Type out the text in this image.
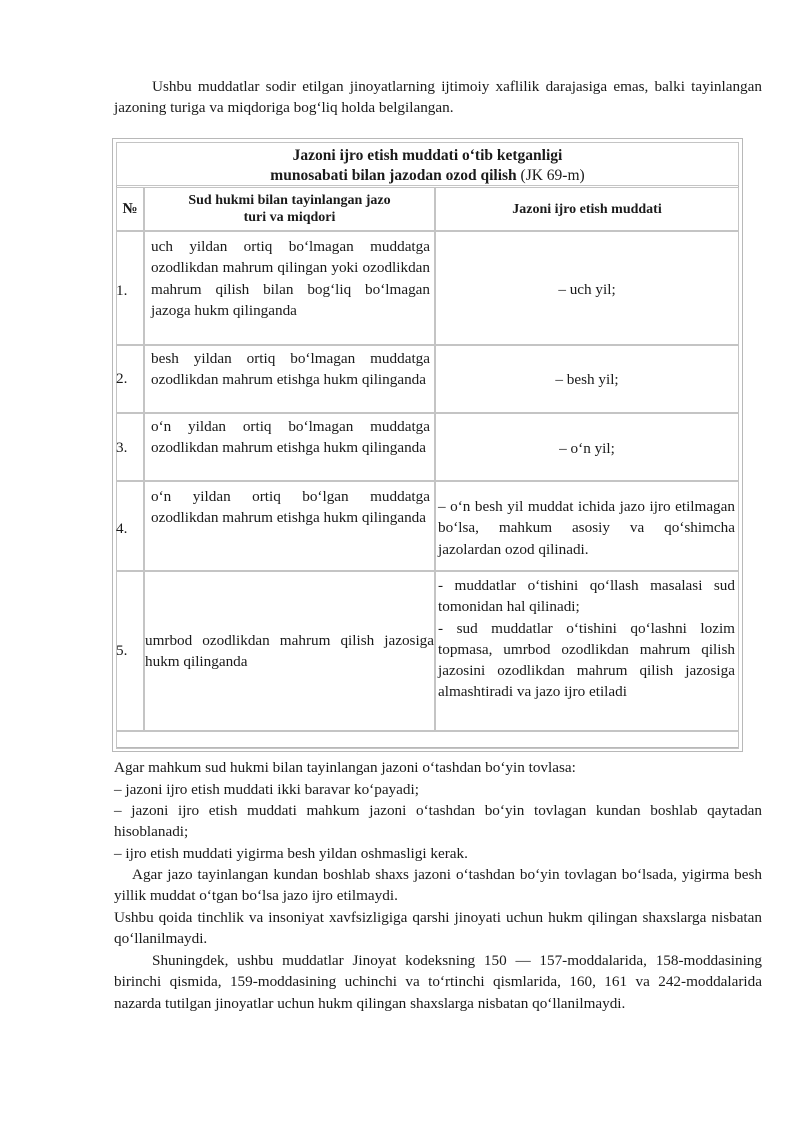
Ushbu muddatlar sodir etilgan jinoyatlarning ijtimoiy xaflilik darajasiga emas, balki tayinlangan jazoning turiga va miqdoriga bog‘liq holda belgilangan.

Jazoni ijro etish muddati o‘tib ketganligi
munosabati bilan jazodan ozod qilish (JK 69-m)
№
Sud hukmi bilan tayinlangan jazo turi va miqdori
Jazoni ijro etish muddati
1.
uch yildan ortiq bo‘lmagan muddatga ozodlikdan mahrum qilingan yoki ozodlikdan mahrum qilish bilan bog‘liq bo‘lmagan jazoga hukm qilinganda
– uch yil;
2.
besh yildan ortiq bo‘lmagan muddatga ozodlikdan mahrum etishga hukm qilinganda	– besh yil;
3.
o‘n yildan ortiq bo‘lmagan muddatga ozodlikdan mahrum etishga hukm qilinganda	– o‘n yil;
4.
o‘n yildan ortiq bo‘lgan muddatga ozodlikdan mahrum etishga hukm qilinganda
– o‘n besh yil muddat ichida jazo ijro etilmagan bo‘lsa, mahkum asosiy va qo‘shimcha jazolardan ozod qilinadi.
5.
umrbod ozodlikdan mahrum qilish jazosiga hukm qilinganda
- muddatlar o‘tishini qo‘llash masalasi sud tomonidan hal qilinadi;
- sud muddatlar o‘tishini qo‘lashni lozim topmasa, umrbod ozodlikdan mahrum qilish jazosini ozodlikdan mahrum qilish jazosiga almashtiradi va jazo ijro etiladi

Agar mahkum sud hukmi bilan tayinlangan jazoni o‘tashdan bo‘yin tovlasa:

– jazoni ijro etish muddati ikki baravar ko‘payadi;

– jazoni ijro etish muddati mahkum jazoni o‘tashdan bo‘yin tovlagan kundan boshlab qaytadan hisoblanadi;

– ijro etish muddati yigirma besh yildan oshmasligi kerak.

Agar jazo tayinlangan kundan boshlab shaxs jazoni o‘tashdan bo‘yin tovlagan bo‘lsada, yigirma besh yillik muddat o‘tgan bo‘lsa jazo ijro etilmaydi.

Ushbu qoida tinchlik va insoniyat xavfsizligiga qarshi jinoyati uchun hukm qilingan shaxslarga nisbatan qo‘llanilmaydi.

Shuningdek, ushbu muddatlar Jinoyat kodeksning 150 — 157-moddalarida, 158-moddasining birinchi qismida, 159-moddasining uchinchi va to‘rtinchi qismlarida, 160, 161 va 242-moddalarida nazarda tutilgan jinoyatlar uchun hukm qilingan shaxslarga nisbatan qo‘llanilmaydi.
